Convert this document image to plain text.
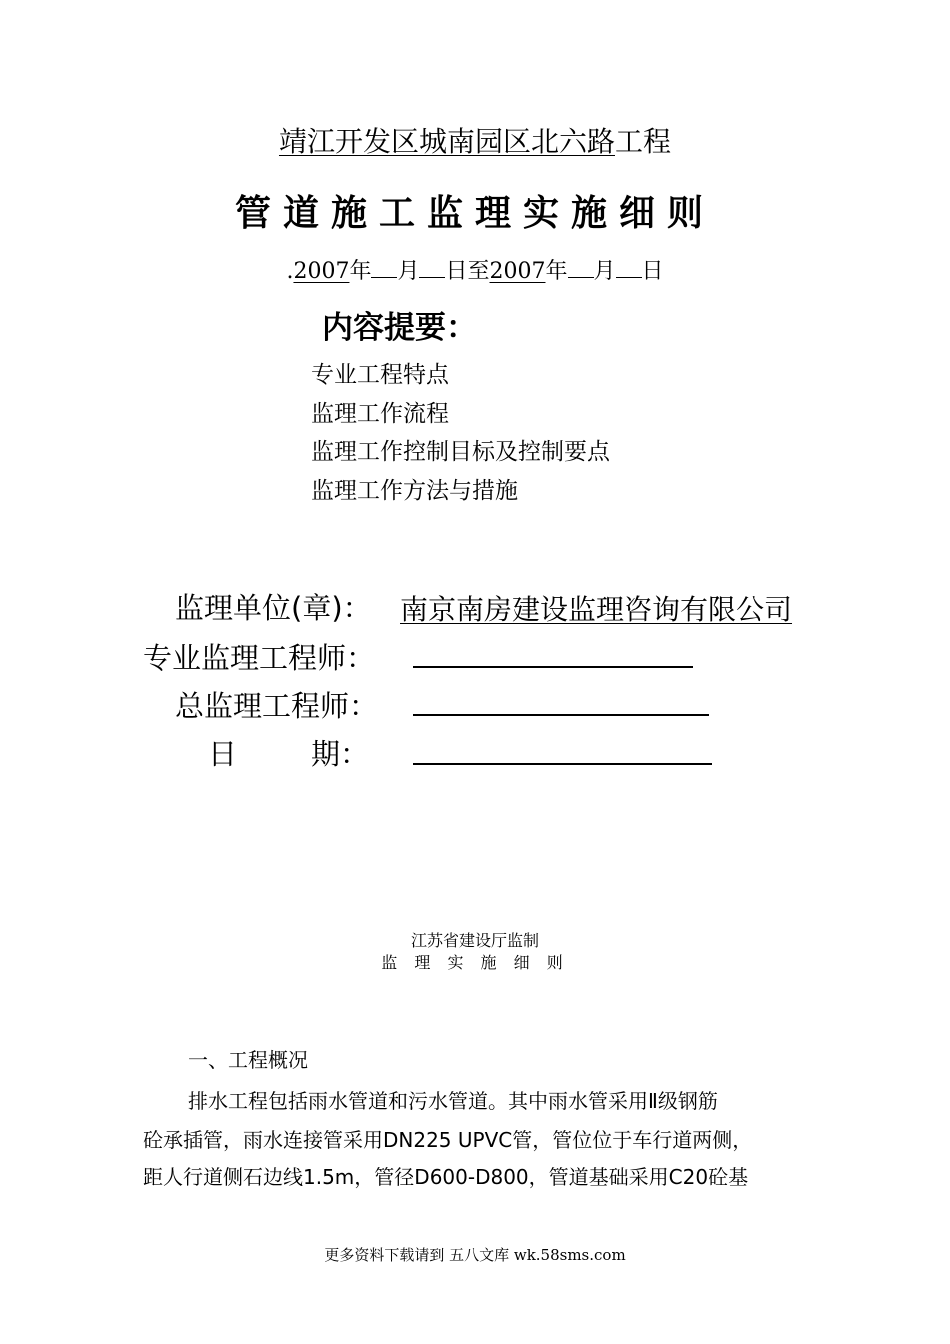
靖江开发区城南园区北六路工程
管道施工监理实施细则
.2007年 月 日至2007年 月 日
内容提要：
专业工程特点
监理工作流程
监理工作控制目标及控制要点
监理工作方法与措施
监理单位(章)： 南京南房建设监理咨询有限公司
专业监理工程师：
总监理工程师：
日	期：
江苏省建设厅监制
监 理 实 施 细 则
一、工程概况
排水工程包括雨水管道和污水管道。其中雨水管采用Ⅱ级钢筋
砼承插管，雨水连接管采用DN225 UPVC管，管位位于车行道两侧，
距人行道侧石边线1.5m，管径D600-D800，管道基础采用C20砼基
更多资料下载请到 五八文库 wk.58sms.com
